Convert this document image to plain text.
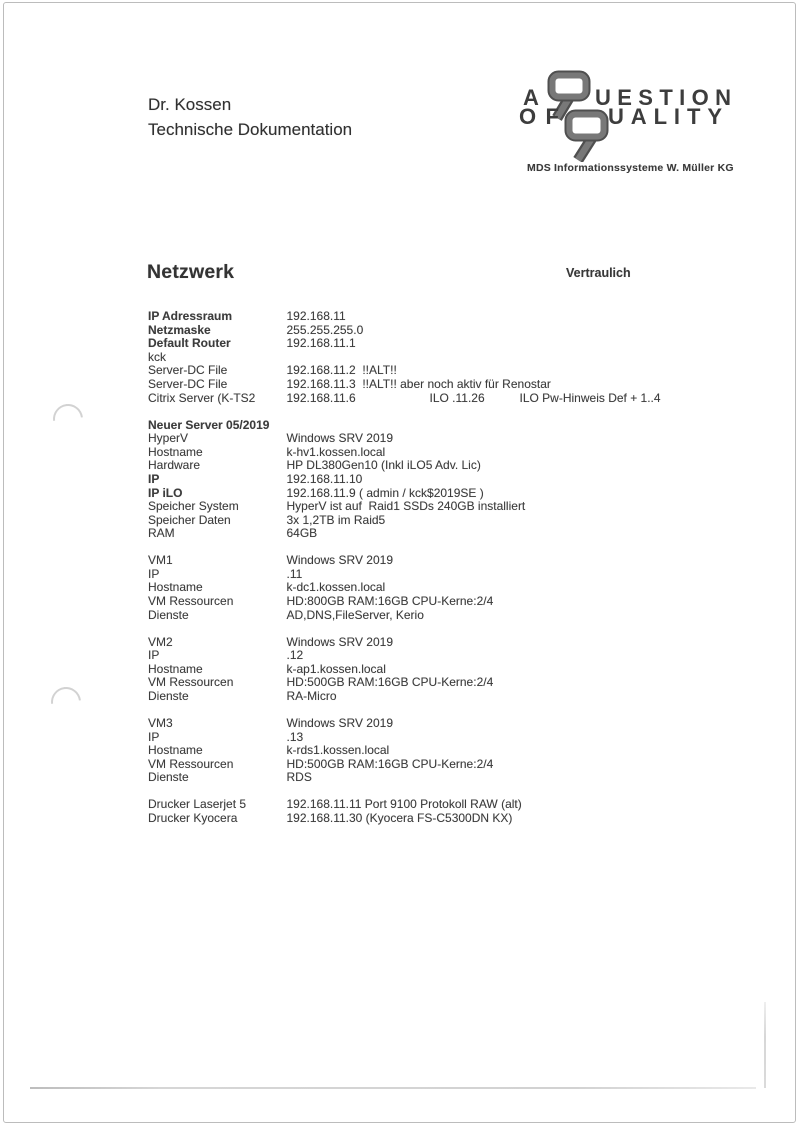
Dr. Kossen
Technische Dokumentation
A	UESTION
OF UALITY
MDS Informationssysteme W. Müller KG
Netzwerk	Vertraulich
IP Adressraum	192.168.11
Netzmaske	255.255.255.0
Default Router	192.168.11.1
kck
Server-DC File	192.168.11.2  !!ALT!!
Server-DC File	192.168.11.3  !!ALT!! aber noch aktiv für Renostar
Citrix Server (K-TS2	192.168.11.6	ILO .11.26	ILO Pw-Hinweis Def + 1..4
Neuer Server 05/2019
HyperV	Windows SRV 2019
Hostname	k-hv1.kossen.local
Hardware	HP DL380Gen10 (Inkl iLO5 Adv. Lic)
IP	192.168.11.10
IP iLO	192.168.11.9 ( admin / kck$2019SE )
Speicher System	HyperV ist auf  Raid1 SSDs 240GB installiert
Speicher Daten	3x 1,2TB im Raid5
RAM	64GB
VM1	Windows SRV 2019
IP	.11
Hostname	k-dc1.kossen.local
VM Ressourcen	HD:800GB RAM:16GB CPU-Kerne:2/4
Dienste	AD,DNS,FileServer, Kerio
VM2	Windows SRV 2019
IP	.12
Hostname	k-ap1.kossen.local
VM Ressourcen	HD:500GB RAM:16GB CPU-Kerne:2/4
Dienste	RA-Micro
VM3	Windows SRV 2019
IP	.13
Hostname	k-rds1.kossen.local
VM Ressourcen	HD:500GB RAM:16GB CPU-Kerne:2/4
Dienste	RDS
Drucker Laserjet 5	192.168.11.11 Port 9100 Protokoll RAW (alt)
Drucker Kyocera	192.168.11.30 (Kyocera FS-C5300DN KX)
